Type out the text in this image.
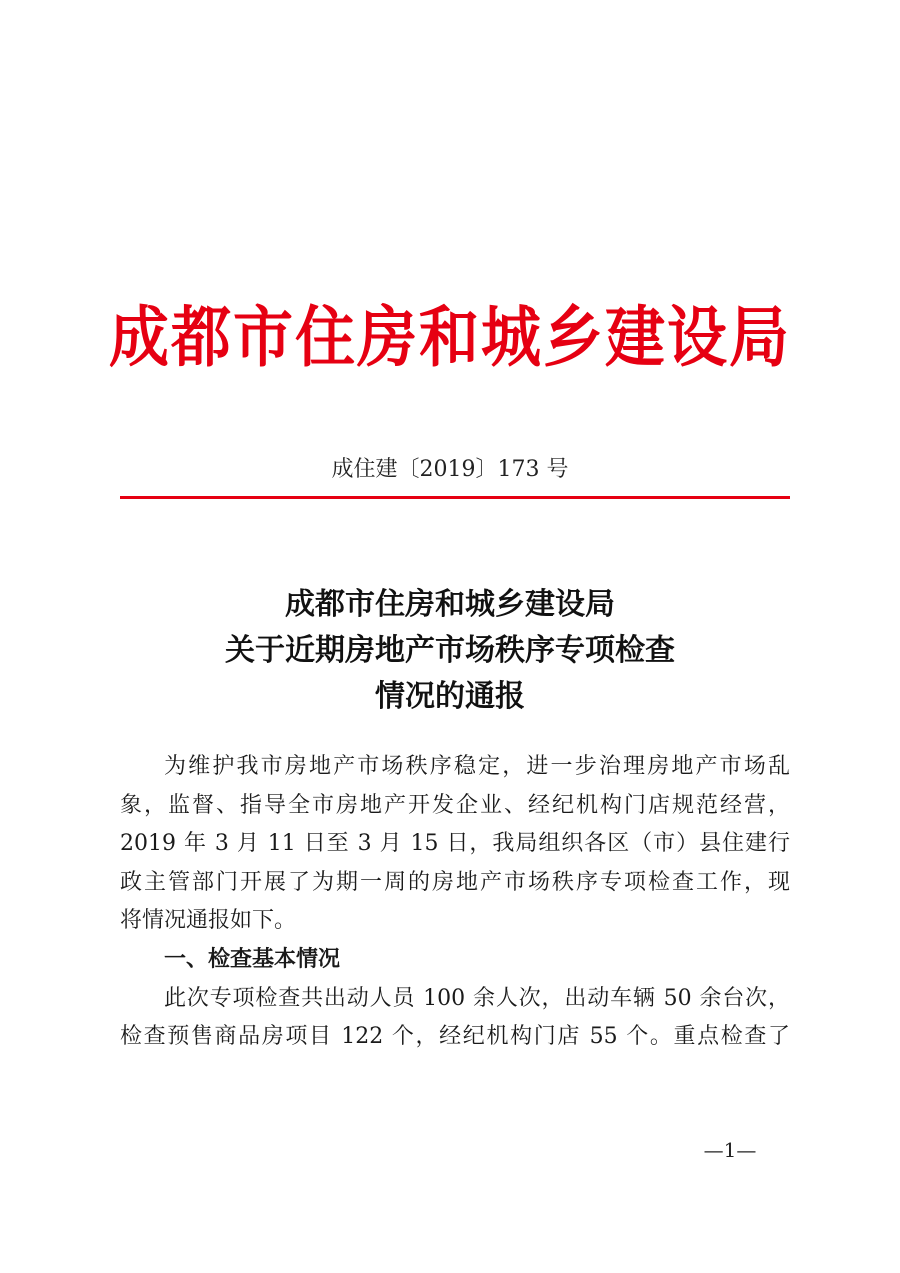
成都市住房和城乡建设局
成住建〔2019〕173 号
成都市住房和城乡建设局
关于近期房地产市场秩序专项检查
情况的通报
为维护我市房地产市场秩序稳定，进一步治理房地产市场乱
象，监督、指导全市房地产开发企业、经纪机构门店规范经营，
2019 年 3 月 11 日至 3 月 15 日，我局组织各区（市）县住建行
政主管部门开展了为期一周的房地产市场秩序专项检查工作，现
将情况通报如下。
一、检查基本情况
此次专项检查共出动人员 100 余人次，出动车辆 50 余台次，
检查预售商品房项目 122 个，经纪机构门店 55 个。重点检查了
—1—
